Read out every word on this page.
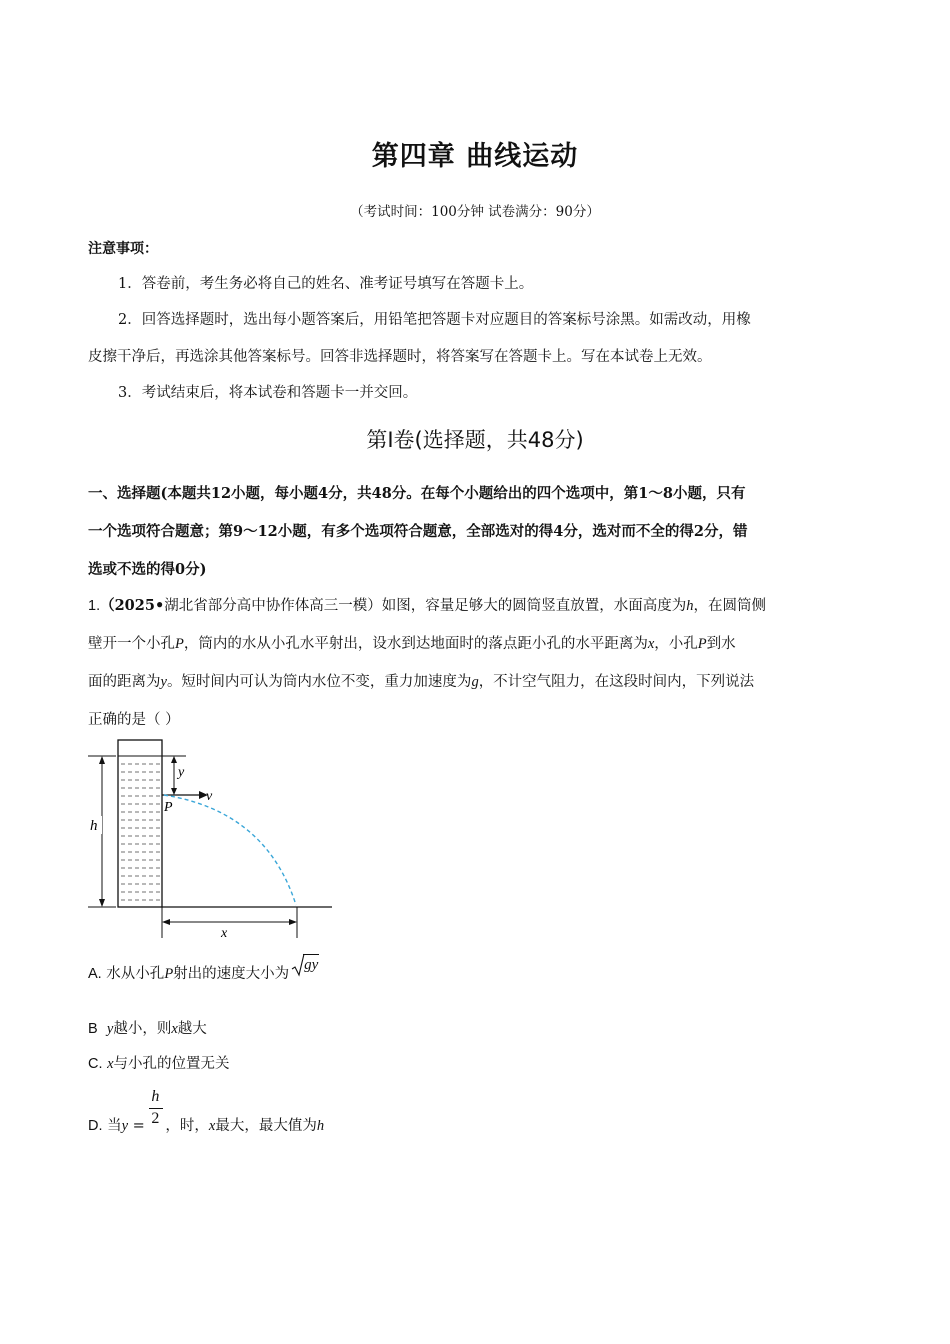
第四章 曲线运动
（考试时间：100分钟 试卷满分：90分）
注意事项：
1．答卷前，考生务必将自己的姓名、准考证号填写在答题卡上。
2．回答选择题时，选出每小题答案后，用铅笔把答题卡对应题目的答案标号涂黑。如需改动，用橡
皮擦干净后，再选涂其他答案标号。回答非选择题时，将答案写在答题卡上。写在本试卷上无效。
3．考试结束后，将本试卷和答题卡一并交回。
第Ⅰ卷(选择题，共48分)
一、选择题(本题共12小题，每小题4分，共48分。在每个小题给出的四个选项中，第1～8小题，只有
一个选项符合题意；第9～12小题，有多个选项符合题意，全部选对的得4分，选对而不全的得2分，错
选或不选的得0分)
1.（2025•湖北省部分高中协作体高三一模）如图，容量足够大的圆筒竖直放置，水面高度为h，在圆筒侧
壁开一个小孔P，筒内的水从小孔水平射出，设水到达地面时的落点距小孔的水平距离为x，小孔P到水
面的距离为y。短时间内可认为筒内水位不变，重力加速度为g，不计空气阻力，在这段时间内，下列说法
正确的是（ ）
h
y
v
P
x
A. 水从小孔P射出的速度大小为
gy
B y越小，则x越大
C. x与小孔的位置无关
D. 当$y = \frac{h}{2}$ ，时，x最大，最大值为h
